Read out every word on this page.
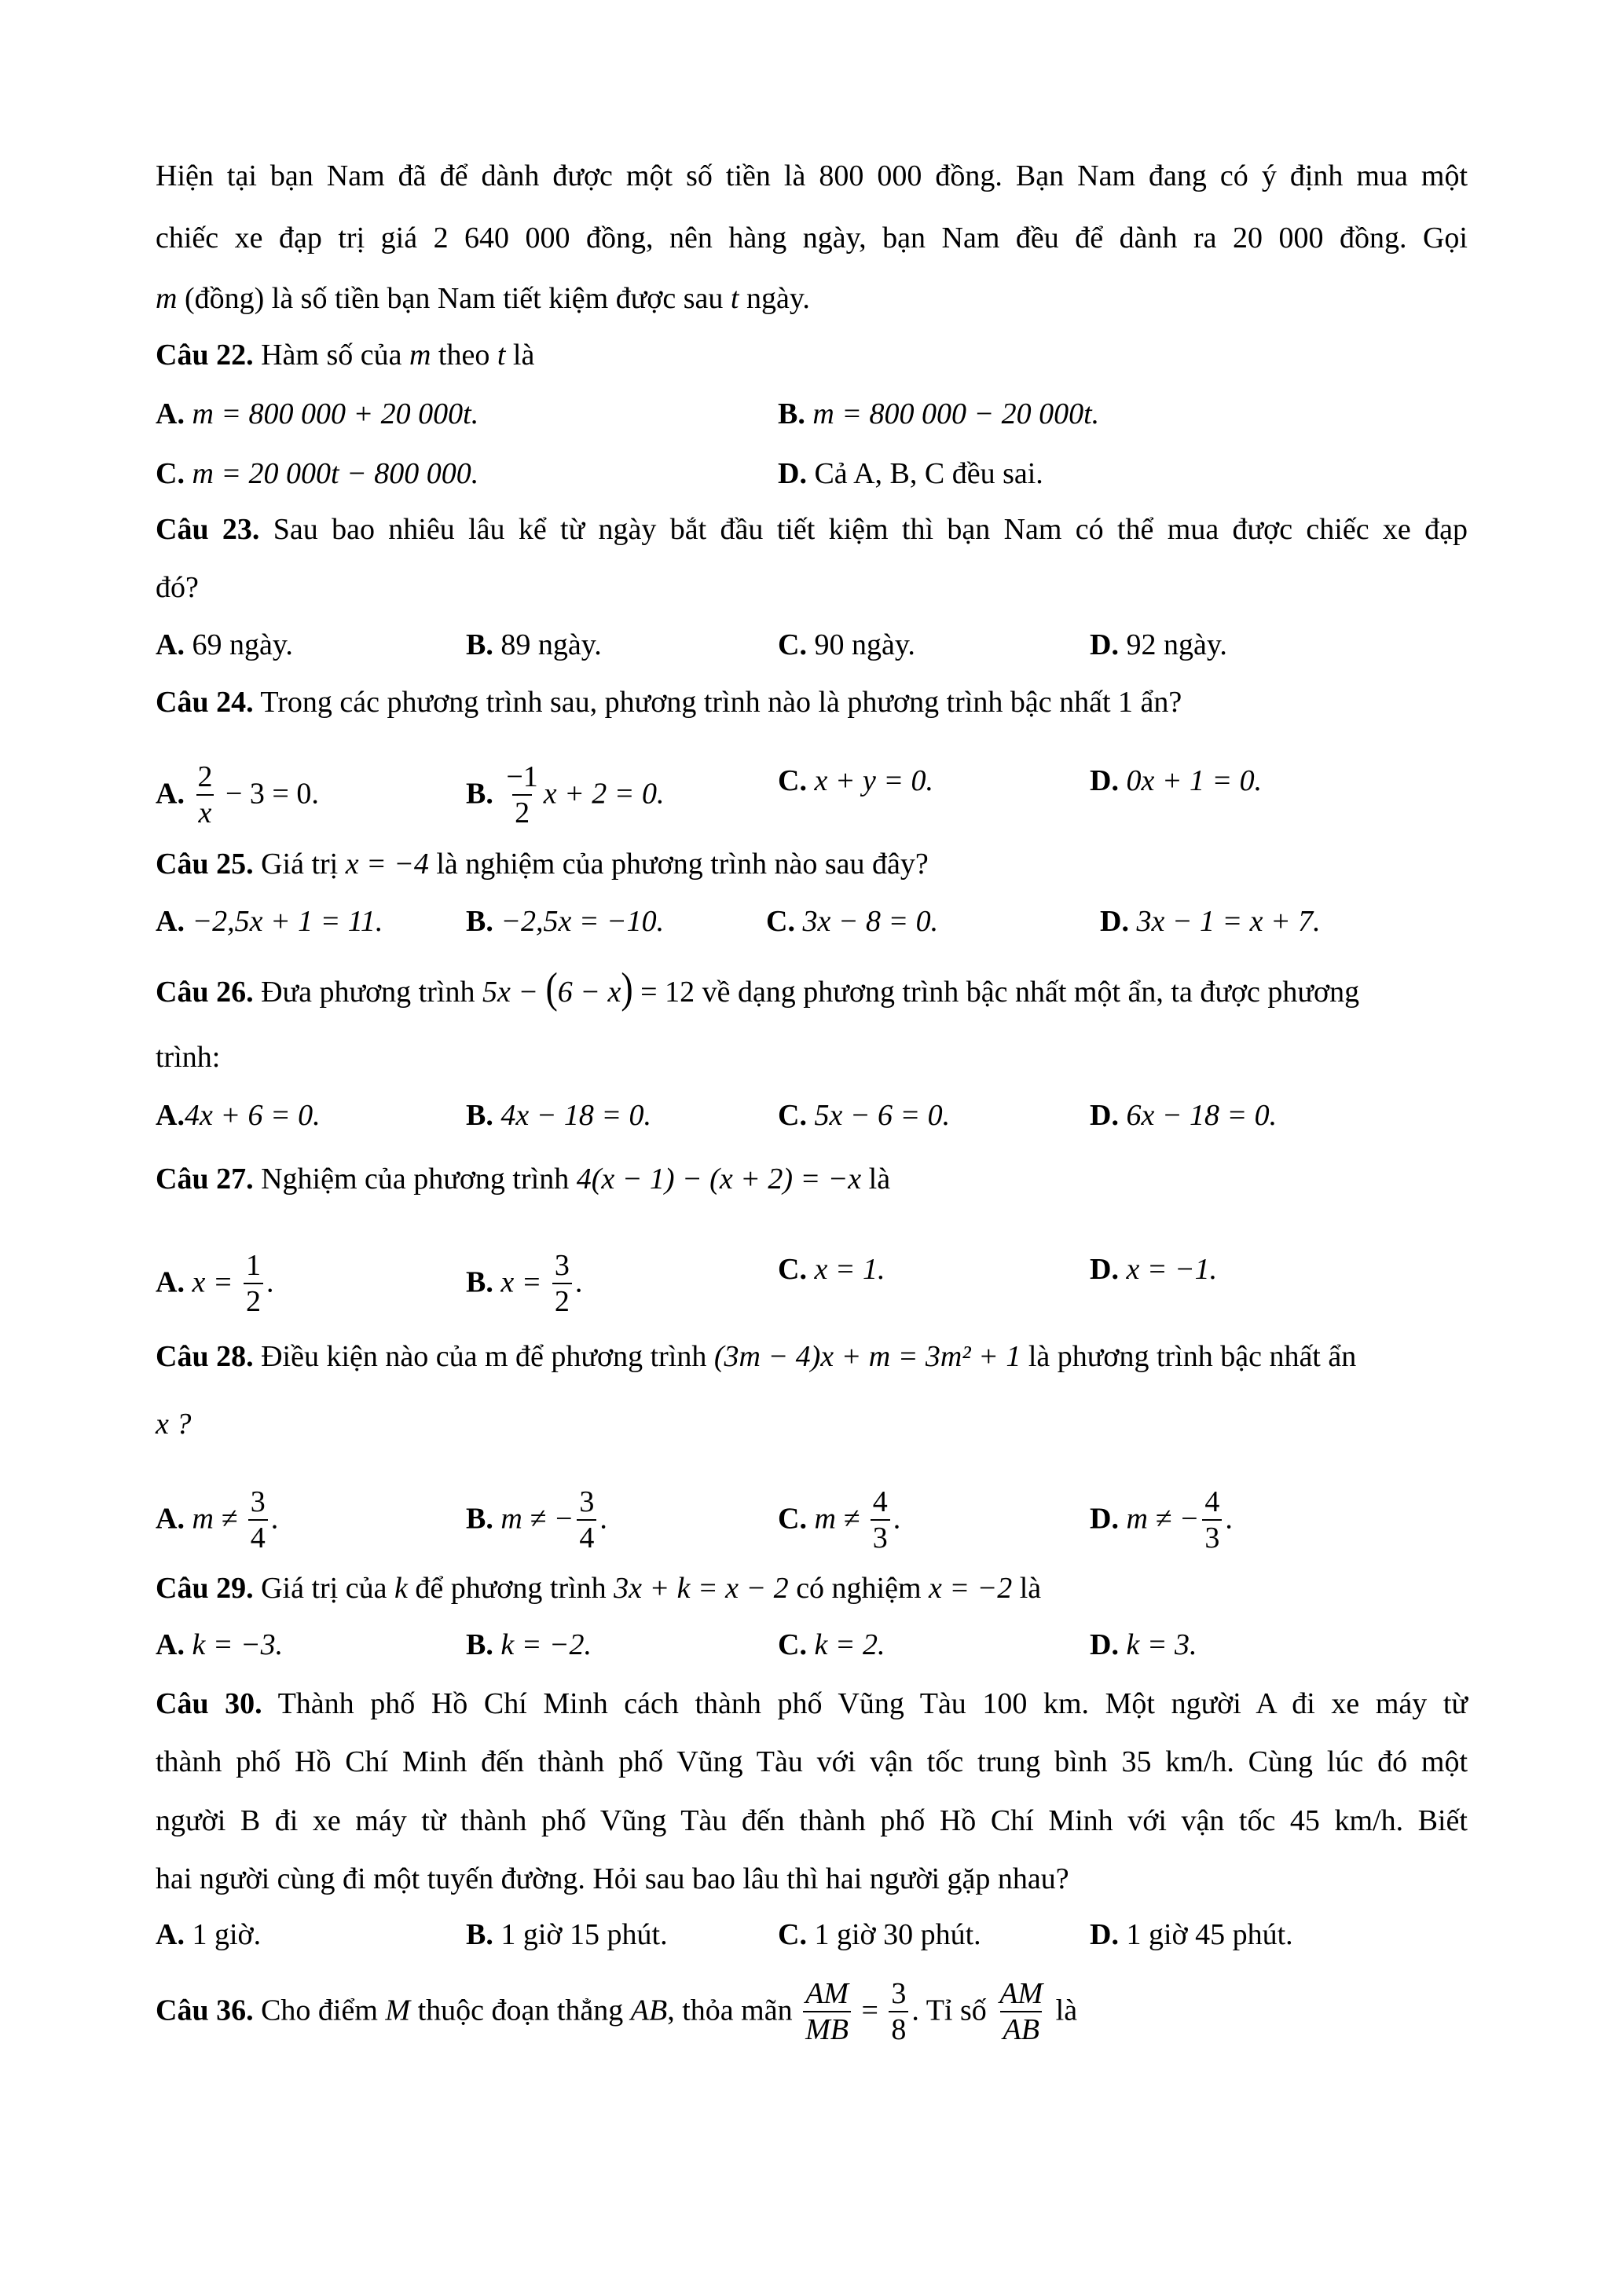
Hiện tại bạn Nam đã để dành được một số tiền là 800 000 đồng. Bạn Nam đang có ý định mua một
chiếc xe đạp trị giá 2 640 000 đồng, nên hàng ngày, bạn Nam đều để dành ra 20 000 đồng. Gọi
m (đồng) là số tiền bạn Nam tiết kiệm được sau t ngày.
Câu 22. Hàm số của m theo t là
A. m = 800 000 + 20 000t.	B. m = 800 000 − 20 000t.
C. m = 20 000t − 800 000.	D. Cả A, B, C đều sai.
Câu 23. Sau bao nhiêu lâu kể từ ngày bắt đầu tiết kiệm thì bạn Nam có thể mua được chiếc xe đạp
đó?
A. 69 ngày.	B. 89 ngày.	C. 90 ngày.	D. 92 ngày.
Câu 24. Trong các phương trình sau, phương trình nào là phương trình bậc nhất 1 ẩn?
A. $\frac{2}{x} - 3 = 0$.	B. $\frac{-1}{2}$ x + 2 = 0.	C. x + y = 0.	D. 0x + 1 = 0.
Câu 25. Giá trị x = −4 là nghiệm của phương trình nào sau đây?
A. −2,5x + 1 = 11.	B. −2,5x = −10.	C. 3x − 8 = 0.	D. 3x − 1 = x + 7.
Câu 26. Đưa phương trình 5x − (6 − x) = 12 về dạng phương trình bậc nhất một ẩn, ta được phương
trình:
A.4x + 6 = 0.	B. 4x − 18 = 0.	C. 5x − 6 = 0.	D. 6x − 18 = 0.
Câu 27. Nghiệm của phương trình 4(x − 1) − (x + 2) = −x là
A. $x = \frac{1}{2}$ .	B. $x = \frac{3}{2}$ .	C. x = 1.	D. x = −1.
Câu 28. Điều kiện nào của m để phương trình (3m − 4)x + m = 3m² + 1 là phương trình bậc nhất ẩn
x ?
A. $m \ne \frac{3}{4}$ .	B. m ≠ − $\frac{3}{4}$ .	C. $m \ne \frac{4}{3}$ .	D. m ≠ − $\frac{4}{3}$ .
Câu 29. Giá trị của k để phương trình 3x + k = x − 2 có nghiệm x = −2 là
A. k = −3.	B. k = −2.	C. k = 2.	D. k = 3.
Câu 30. Thành phố Hồ Chí Minh cách thành phố Vũng Tàu 100 km. Một người A đi xe máy từ
thành phố Hồ Chí Minh đến thành phố Vũng Tàu với vận tốc trung bình 35 km/h. Cùng lúc đó một
người B đi xe máy từ thành phố Vũng Tàu đến thành phố Hồ Chí Minh với vận tốc 45 km/h. Biết
hai người cùng đi một tuyến đường. Hỏi sau bao lâu thì hai người gặp nhau?
A. 1 giờ.	B. 1 giờ 15 phút.	C. 1 giờ 30 phút.	D. 1 giờ 45 phút.
Câu 36. Cho điểm M thuộc đoạn thẳng AB, thỏa mãn $\frac{AM}{MB} = \frac{3}{8}$ . Tỉ số $\frac{AM}{AB}$ là
